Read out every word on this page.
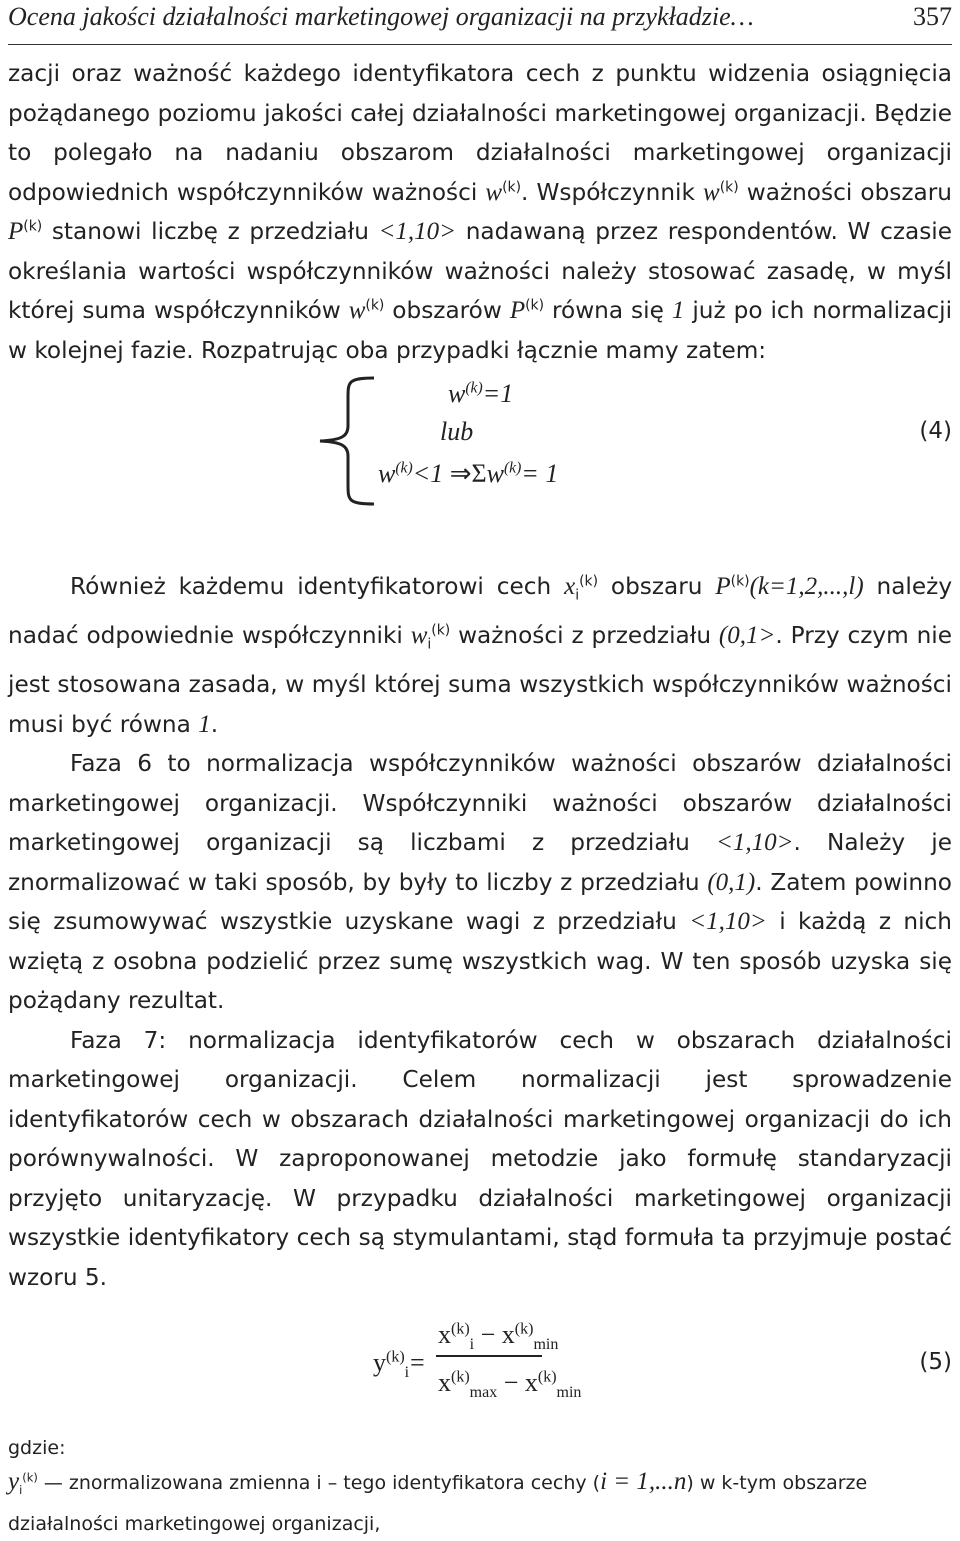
Ocena jakości działalności marketingowej organizacji na przykładzie…	357

zacji oraz ważność każdego identyfikatora cech z punktu widzenia osiągnięcia pożądanego poziomu jakości całej działalności marketingowej organizacji. Będzie to polegało na nadaniu obszarom działalności marketingowej organizacji odpowiednich współczynników ważności $w^{(k)}$. Współczynnik $w^{(k)}$ ważności obszaru $P^{(k)}$ stanowi liczbę z przedziału <1,10> nadawaną przez respondentów. W czasie określania wartości współczynników ważności należy stosować zasadę, w myśl której suma współczynników $w^{(k)}$ obszarów $P^{(k)}$ równa się 1 już po ich normalizacji w kolejnej fazie. Rozpatrując oba przypadki łącznie mamy zatem:

$w^{(k)}=1$
lub
$w^{(k)}<1$ $\Rightarrow\Sigma w^{(k)}= 1$
(4)

Również każdemu identyfikatorowi cech $x_i^{(k)}$ obszaru $P^{(k)}(k=1,2,...,l)$ należy nadać odpowiednie współczynniki $w_i^{(k)}$ ważności z przedziału (0,1>. Przy czym nie jest stosowana zasada, w myśl której suma wszystkich współczynników ważności musi być równa 1.

Faza 6 to normalizacja współczynników ważności obszarów działalności marketingowej organizacji. Współczynniki ważności obszarów działalności marketingowej organizacji są liczbami z przedziału <1,10>. Należy je znormalizować w taki sposób, by były to liczby z przedziału (0,1). Zatem powinno się zsumowywać wszystkie uzyskane wagi z przedziału <1,10> i każdą z nich wziętą z osobna podzielić przez sumę wszystkich wag. W ten sposób uzyska się pożądany rezultat.

Faza 7: normalizacja identyfikatorów cech w obszarach działalności marketingowej organizacji. Celem normalizacji jest sprowadzenie identyfikatorów cech w obszarach działalności marketingowej organizacji do ich porównywalności. W zaproponowanej metodzie jako formułę standaryzacji przyjęto unitaryzację. W przypadku działalności marketingowej organizacji wszystkie identyfikatory cech są stymulantami, stąd formuła ta przyjmuje postać wzoru 5.

$y^{(k)}_i$ =
$x^{(k)}_i - x^{(k)}_{min}$
$x^{(k)}_{max} - x^{(k)}_{min}$
(5)
gdzie:
$y_i^{(k)}$ — znormalizowana zmienna i – tego identyfikatora cechy (i = 1,...n) w k-tym obszarze działalności marketingowej organizacji,
